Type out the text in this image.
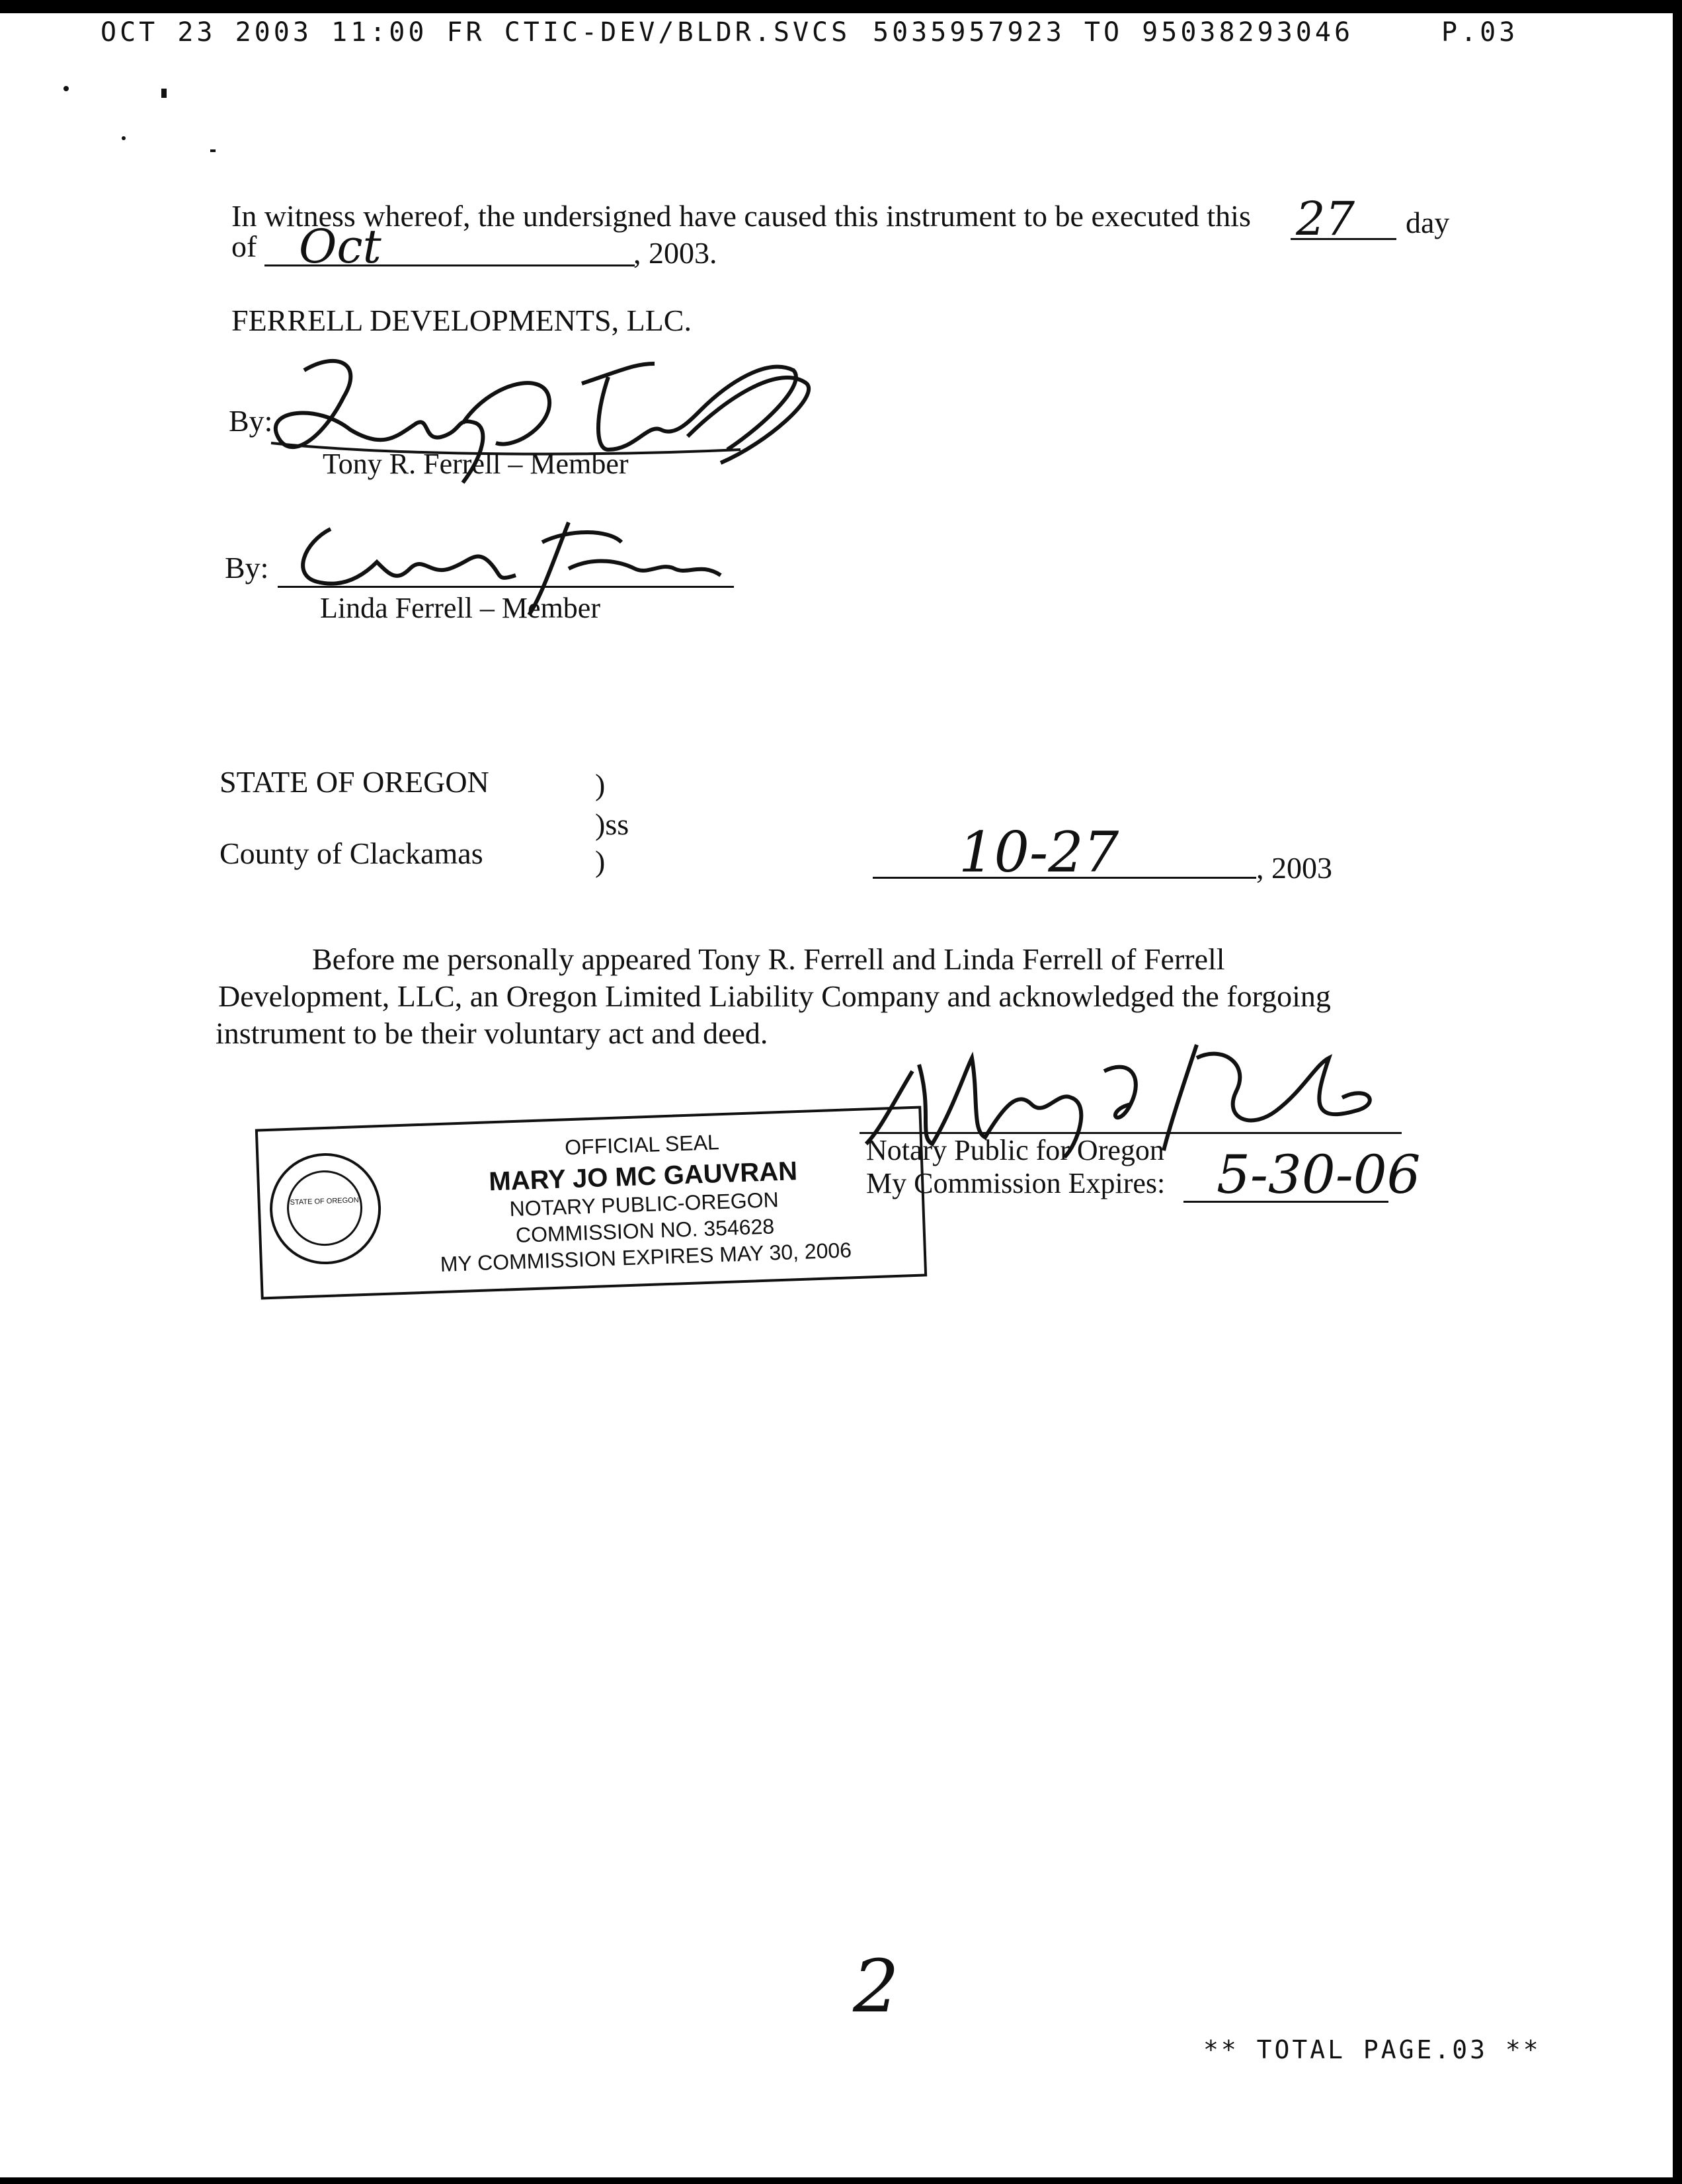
OCT 23 2003 11:00 FR CTIC-DEV/BLDR.SVCS 5035957923 TO 95038293046	P.03
In witness whereof, the undersigned have caused this instrument to be executed this 27 day
of Oct	, 2003.
FERRELL DEVELOPMENTS, LLC.
By:
Tony R. Ferrell – Member
By:
Linda Ferrell – Member
STATE OF OREGON	)
)ss
County of Clackamas	)	10-27	, 2003
Before me personally appeared Tony R. Ferrell and Linda Ferrell of Ferrell
Development, LLC, an Oregon Limited Liability Company and acknowledged the forgoing
instrument to be their voluntary act and deed.
Notary Public for Oregon
My Commission Expires: 5-30-06
STATE OF OREGON
OFFICIAL SEAL
MARY JO MC GAUVRAN
NOTARY PUBLIC-OREGON
COMMISSION NO. 354628
MY COMMISSION EXPIRES MAY 30, 2006
2
** TOTAL PAGE.03 **
